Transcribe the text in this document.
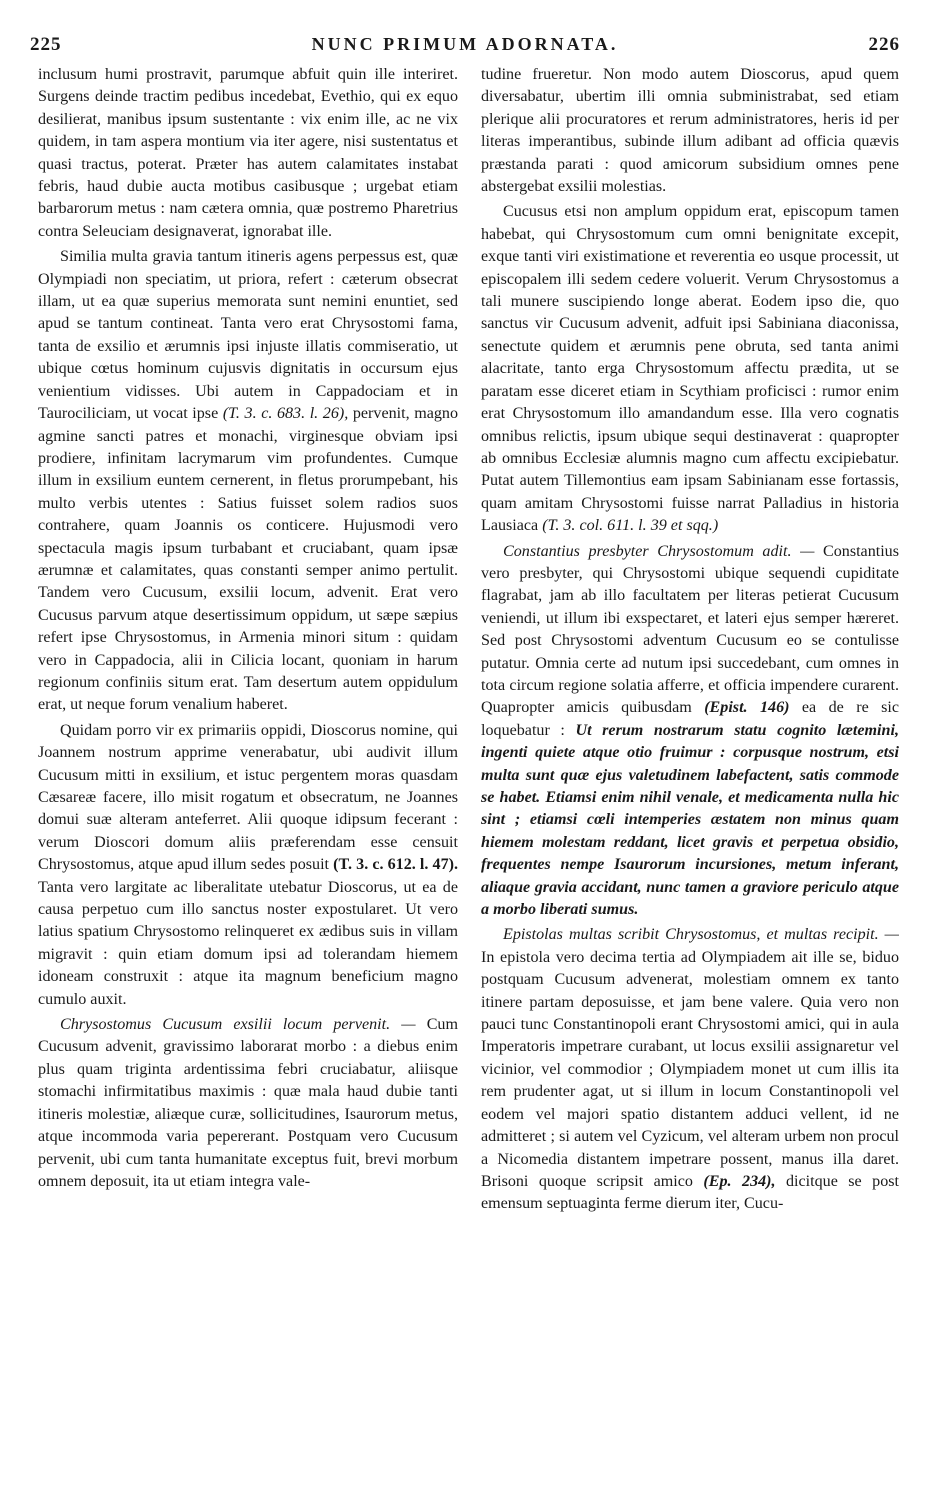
225	NUNC PRIMUM ADORNATA.	226

inclusum humi prostravit, parumque abfuit quin ille interiret. Surgens deinde tractim pedibus incedebat, Evethio, qui ex equo desilierat, manibus ipsum sustentante : vix enim ille, ac ne vix quidem, in tam aspera montium via iter agere, nisi sustentatus et quasi tractus, poterat. Præter has autem calamitates instabat febris, haud dubie aucta motibus casibusque ; urgebat etiam barbarorum metus : nam cætera omnia, quæ postremo Pharetrius contra Seleuciam designaverat, ignorabat ille.

Similia multa gravia tantum itineris agens perpessus est, quæ Olympiadi non speciatim, ut priora, refert : cæterum obsecrat illam, ut ea quæ superius memorata sunt nemini enuntiet, sed apud se tantum contineat. Tanta vero erat Chrysostomi fama, tanta de exsilio et ærumnis ipsi injuste illatis commiseratio, ut ubique cœtus hominum cujusvis dignitatis in occursum ejus venientium vidisses. Ubi autem in Cappadociam et in Taurociliciam, ut vocat ipse (T. 3. c. 683. l. 26), pervenit, magno agmine sancti patres et monachi, virginesque obviam ipsi prodiere, infinitam lacrymarum vim profundentes. Cumque illum in exsilium euntem cernerent, in fletus prorumpebant, his multo verbis utentes : Satius fuisset solem radios suos contrahere, quam Joannis os conticere. Hujusmodi vero spectacula magis ipsum turbabant et cruciabant, quam ipsæ ærumnæ et calamitates, quas constanti semper animo pertulit. Tandem vero Cucusum, exsilii locum, advenit. Erat vero Cucusus parvum atque desertissimum oppidum, ut sæpe sæpius refert ipse Chrysostomus, in Armenia minori situm : quidam vero in Cappadocia, alii in Cilicia locant, quoniam in harum regionum confiniis situm erat. Tam desertum autem oppidulum erat, ut neque forum venalium haberet.

Quidam porro vir ex primariis oppidi, Dioscorus nomine, qui Joannem nostrum apprime venerabatur, ubi audivit illum Cucusum mitti in exsilium, et istuc pergentem moras quasdam Cæsareæ facere, illo misit rogatum et obsecratum, ne Joannes domui suæ alteram anteferret. Alii quoque idipsum fecerant : verum Dioscori domum aliis præferendam esse censuit Chrysostomus, atque apud illum sedes posuit (T. 3. c. 612. l. 47). Tanta vero largitate ac liberalitate utebatur Dioscorus, ut ea de causa perpetuo cum illo sanctus noster expostularet. Ut vero latius spatium Chrysostomo relinqueret ex ædibus suis in villam migravit : quin etiam domum ipsi ad tolerandam hiemem idoneam construxit : atque ita magnum beneficium magno cumulo auxit.

Chrysostomus Cucusum exsilii locum pervenit. — Cum Cucusum advenit, gravissimo laborarat morbo : a diebus enim plus quam triginta ardentissima febri cruciabatur, aliisque stomachi infirmitatibus maximis : quæ mala haud dubie tanti itineris molestiæ, aliæque curæ, sollicitudines, Isaurorum metus, atque incommoda varia pepererant. Postquam vero Cucusum pervenit, ubi cum tanta humanitate exceptus fuit, brevi morbum omnem deposuit, ita ut etiam integra vale-

tudine frueretur. Non modo autem Dioscorus, apud quem diversabatur, ubertim illi omnia subministrabat, sed etiam plerique alii procuratores et rerum administratores, heris id per literas imperantibus, subinde illum adibant ad officia quævis præstanda parati : quod amicorum subsidium omnes pene abstergebat exsilii molestias.

Cucusus etsi non amplum oppidum erat, episcopum tamen habebat, qui Chrysostomum cum omni benignitate excepit, exque tanti viri existimatione et reverentia eo usque processit, ut episcopalem illi sedem cedere voluerit. Verum Chrysostomus a tali munere suscipiendo longe aberat. Eodem ipso die, quo sanctus vir Cucusum advenit, adfuit ipsi Sabiniana diaconissa, senectute quidem et ærumnis pene obruta, sed tanta animi alacritate, tanto erga Chrysostomum affectu prædita, ut se paratam esse diceret etiam in Scythiam proficisci : rumor enim erat Chrysostomum illo amandandum esse. Illa vero cognatis omnibus relictis, ipsum ubique sequi destinaverat : quapropter ab omnibus Ecclesiæ alumnis magno cum affectu excipiebatur. Putat autem Tillemontius eam ipsam Sabinianam esse fortassis, quam amitam Chrysostomi fuisse narrat Palladius in historia Lausiaca (T. 3. col. 611. l. 39 et sqq.)

Constantius presbyter Chrysostomum adit. — Constantius vero presbyter, qui Chrysostomi ubique sequendi cupiditate flagrabat, jam ab illo facultatem per literas petierat Cucusum veniendi, ut illum ibi exspectaret, et lateri ejus semper hæreret. Sed post Chrysostomi adventum Cucusum eo se contulisse putatur. Omnia certe ad nutum ipsi succedebant, cum omnes in tota circum regione solatia afferre, et officia impendere curarent. Quapropter amicis quibusdam (Epist. 146) ea de re sic loquebatur : Ut rerum nostrarum statu cognito lætemini, ingenti quiete atque otio fruimur : corpusque nostrum, etsi multa sunt quæ ejus valetudinem labefactent, satis commode se habet. Etiamsi enim nihil venale, et medicamenta nulla hic sint ; etiamsi cœli intemperies æstatem non minus quam hiemem molestam reddant, licet gravis et perpetua obsidio, frequentes nempe Isaurorum incursiones, metum inferant, aliaque gravia accidant, nunc tamen a graviore periculo atque a morbo liberati sumus.

Epistolas multas scribit Chrysostomus, et multas recipit. — In epistola vero decima tertia ad Olympiadem ait ille se, biduo postquam Cucusum advenerat, molestiam omnem ex tanto itinere partam deposuisse, et jam bene valere. Quia vero non pauci tunc Constantinopoli erant Chrysostomi amici, qui in aula Imperatoris impetrare curabant, ut locus exsilii assignaretur vel vicinior, vel commodior ; Olympiadem monet ut cum illis ita rem prudenter agat, ut si illum in locum Constantinopoli vel eodem vel majori spatio distantem adduci vellent, id ne admitteret ; si autem vel Cyzicum, vel alteram urbem non procul a Nicomedia distantem impetrare possent, manus illa daret. Brisoni quoque scripsit amico (Ep. 234), dicitque se post emensum septuaginta ferme dierum iter, Cucu-
